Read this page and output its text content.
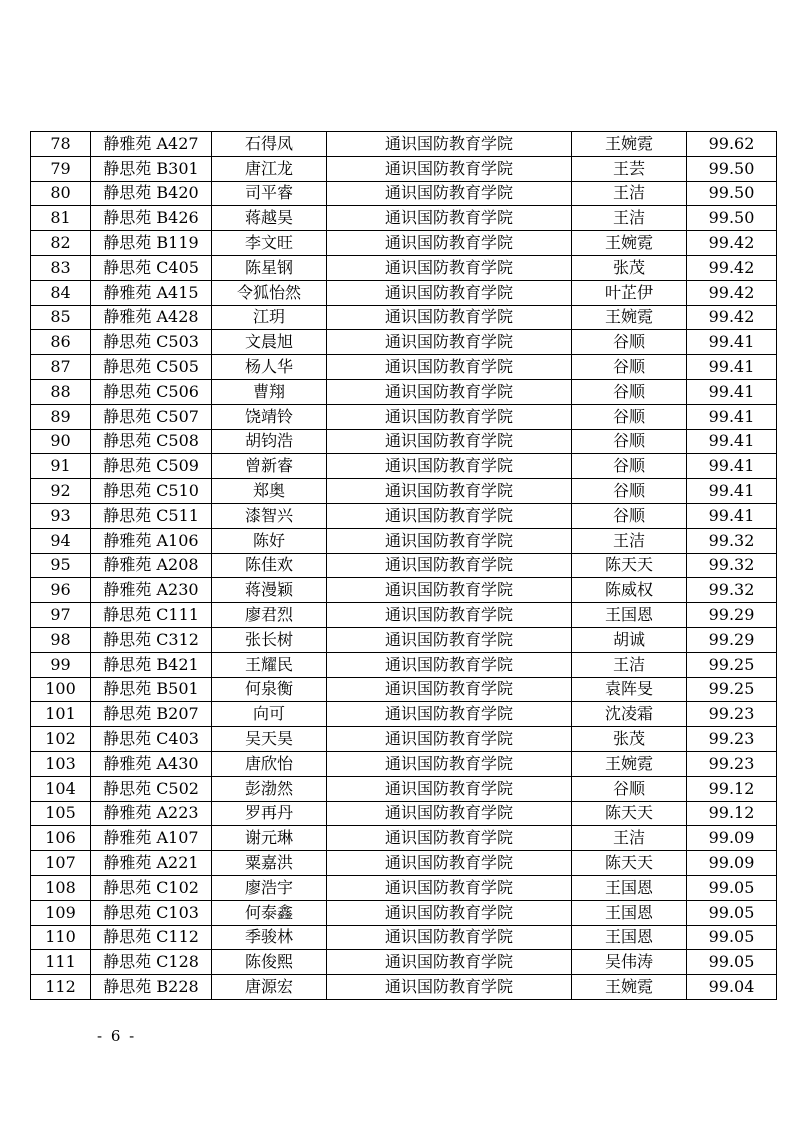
78	静雅苑 A427	石得凤	通识国防教育学院	王婉霓	99.62
79	静思苑 B301	唐江龙	通识国防教育学院	王芸	99.50
80	静思苑 B420	司平睿	通识国防教育学院	王洁	99.50
81	静思苑 B426	蒋越昊	通识国防教育学院	王洁	99.50
82	静思苑 B119	李文旺	通识国防教育学院	王婉霓	99.42
83	静思苑 C405	陈星钢	通识国防教育学院	张茂	99.42
84	静雅苑 A415	令狐怡然	通识国防教育学院	叶芷伊	99.42
85	静雅苑 A428	江玥	通识国防教育学院	王婉霓	99.42
86	静思苑 C503	文晨旭	通识国防教育学院	谷顺	99.41
87	静思苑 C505	杨人华	通识国防教育学院	谷顺	99.41
88	静思苑 C506	曹翔	通识国防教育学院	谷顺	99.41
89	静思苑 C507	饶靖铃	通识国防教育学院	谷顺	99.41
90	静思苑 C508	胡钧浩	通识国防教育学院	谷顺	99.41
91	静思苑 C509	曾新睿	通识国防教育学院	谷顺	99.41
92	静思苑 C510	郑奥	通识国防教育学院	谷顺	99.41
93	静思苑 C511	漆智兴	通识国防教育学院	谷顺	99.41
94	静雅苑 A106	陈好	通识国防教育学院	王洁	99.32
95	静雅苑 A208	陈佳欢	通识国防教育学院	陈天天	99.32
96	静雅苑 A230	蒋漫颖	通识国防教育学院	陈威权	99.32
97	静思苑 C111	廖君烈	通识国防教育学院	王国恩	99.29
98	静思苑 C312	张长树	通识国防教育学院	胡诚	99.29
99	静思苑 B421	王耀民	通识国防教育学院	王洁	99.25
100	静思苑 B501	何泉衡	通识国防教育学院	袁阵旻	99.25
101	静思苑 B207	向可	通识国防教育学院	沈凌霜	99.23
102	静思苑 C403	吴天昊	通识国防教育学院	张茂	99.23
103	静雅苑 A430	唐欣怡	通识国防教育学院	王婉霓	99.23
104	静思苑 C502	彭渤然	通识国防教育学院	谷顺	99.12
105	静雅苑 A223	罗再丹	通识国防教育学院	陈天天	99.12
106	静雅苑 A107	谢元琳	通识国防教育学院	王洁	99.09
107	静雅苑 A221	粟嘉洪	通识国防教育学院	陈天天	99.09
108	静思苑 C102	廖浩宇	通识国防教育学院	王国恩	99.05
109	静思苑 C103	何泰鑫	通识国防教育学院	王国恩	99.05
110	静思苑 C112	季骏林	通识国防教育学院	王国恩	99.05
111	静思苑 C128	陈俊熙	通识国防教育学院	吴伟涛	99.05
112	静思苑 B228	唐源宏	通识国防教育学院	王婉霓	99.04
- 6 -
